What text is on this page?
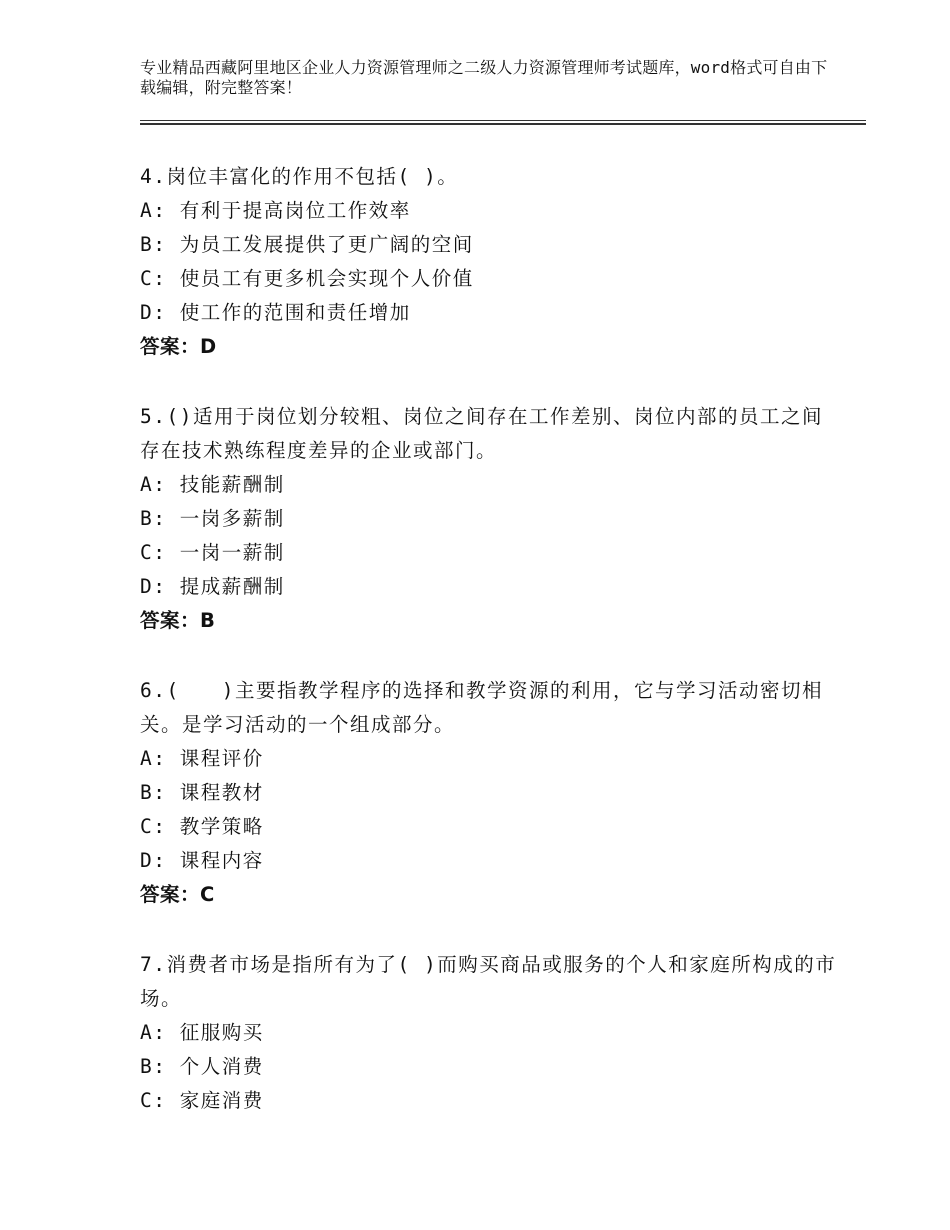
专业精品西藏阿里地区企业人力资源管理师之二级人力资源管理师考试题库，word格式可自由下载编辑，附完整答案！

4.岗位丰富化的作用不包括( )。

A: 有利于提高岗位工作效率

B: 为员工发展提供了更广阔的空间

C: 使员工有更多机会实现个人价值

D: 使工作的范围和责任增加

答案：D

5.()适用于岗位划分较粗、岗位之间存在工作差别、岗位内部的员工之间存在技术熟练程度差异的企业或部门。

A: 技能薪酬制

B: 一岗多薪制

C: 一岗一薪制

D: 提成薪酬制

答案：B

6.(　　)主要指教学程序的选择和教学资源的利用，它与学习活动密切相关。是学习活动的一个组成部分。

A: 课程评价

B: 课程教材

C: 教学策略

D: 课程内容

答案：C

7.消费者市场是指所有为了( )而购买商品或服务的个人和家庭所构成的市场。

A: 征服购买

B: 个人消费

C: 家庭消费
